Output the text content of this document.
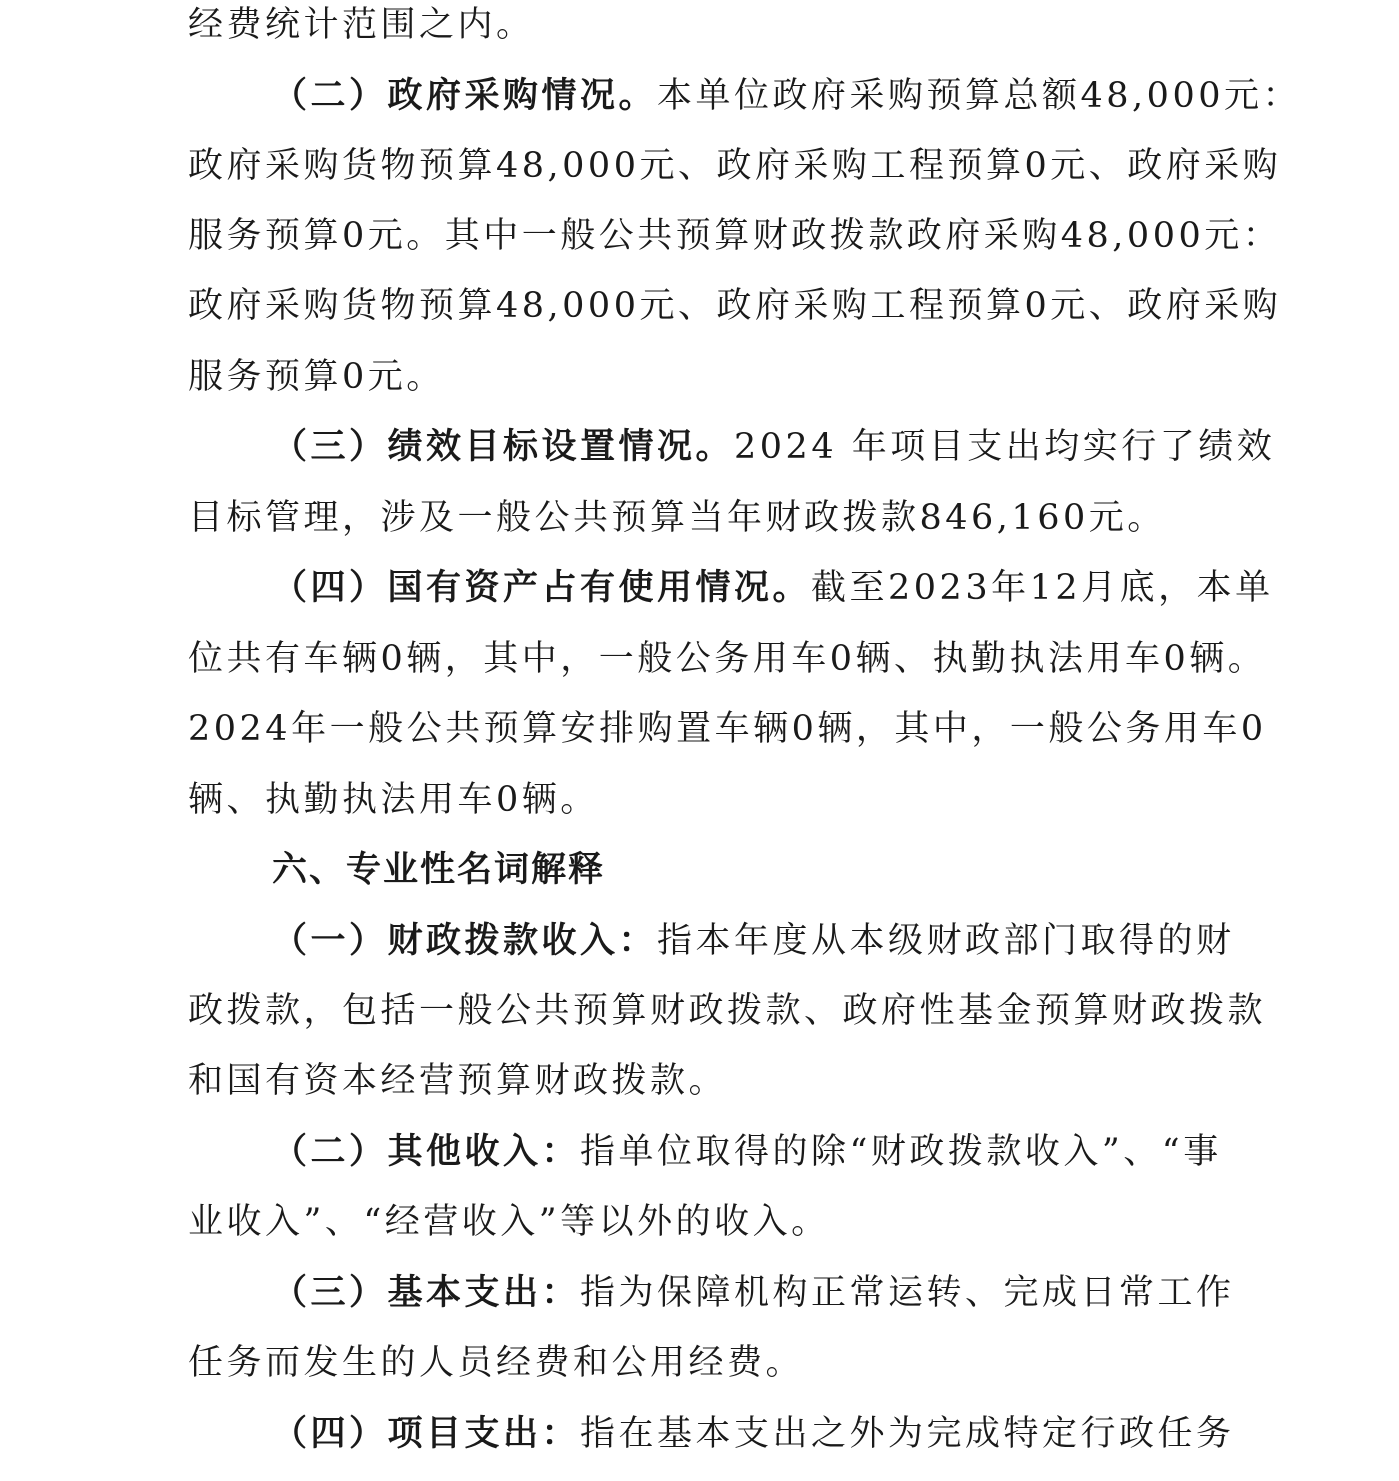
经费统计范围之内。
（二）政府采购情况。本单位政府采购预算总额48,000元：
政府采购货物预算48,000元、政府采购工程预算0元、政府采购
服务预算0元。其中一般公共预算财政拨款政府采购48,000元：
政府采购货物预算48,000元、政府采购工程预算0元、政府采购
服务预算0元。
（三）绩效目标设置情况。2024 年项目支出均实行了绩效
目标管理，涉及一般公共预算当年财政拨款846,160元。
（四）国有资产占有使用情况。截至2023年12月底，本单
位共有车辆0辆，其中，一般公务用车0辆、执勤执法用车0辆。
2024年一般公共预算安排购置车辆0辆，其中，一般公务用车0
辆、执勤执法用车0辆。
六、专业性名词解释
（一）财政拨款收入：指本年度从本级财政部门取得的财
政拨款，包括一般公共预算财政拨款、政府性基金预算财政拨款
和国有资本经营预算财政拨款。
（二）其他收入：指单位取得的除“财政拨款收入”、“事
业收入”、“经营收入”等以外的收入。
（三）基本支出：指为保障机构正常运转、完成日常工作
任务而发生的人员经费和公用经费。
（四）项目支出：指在基本支出之外为完成特定行政任务
